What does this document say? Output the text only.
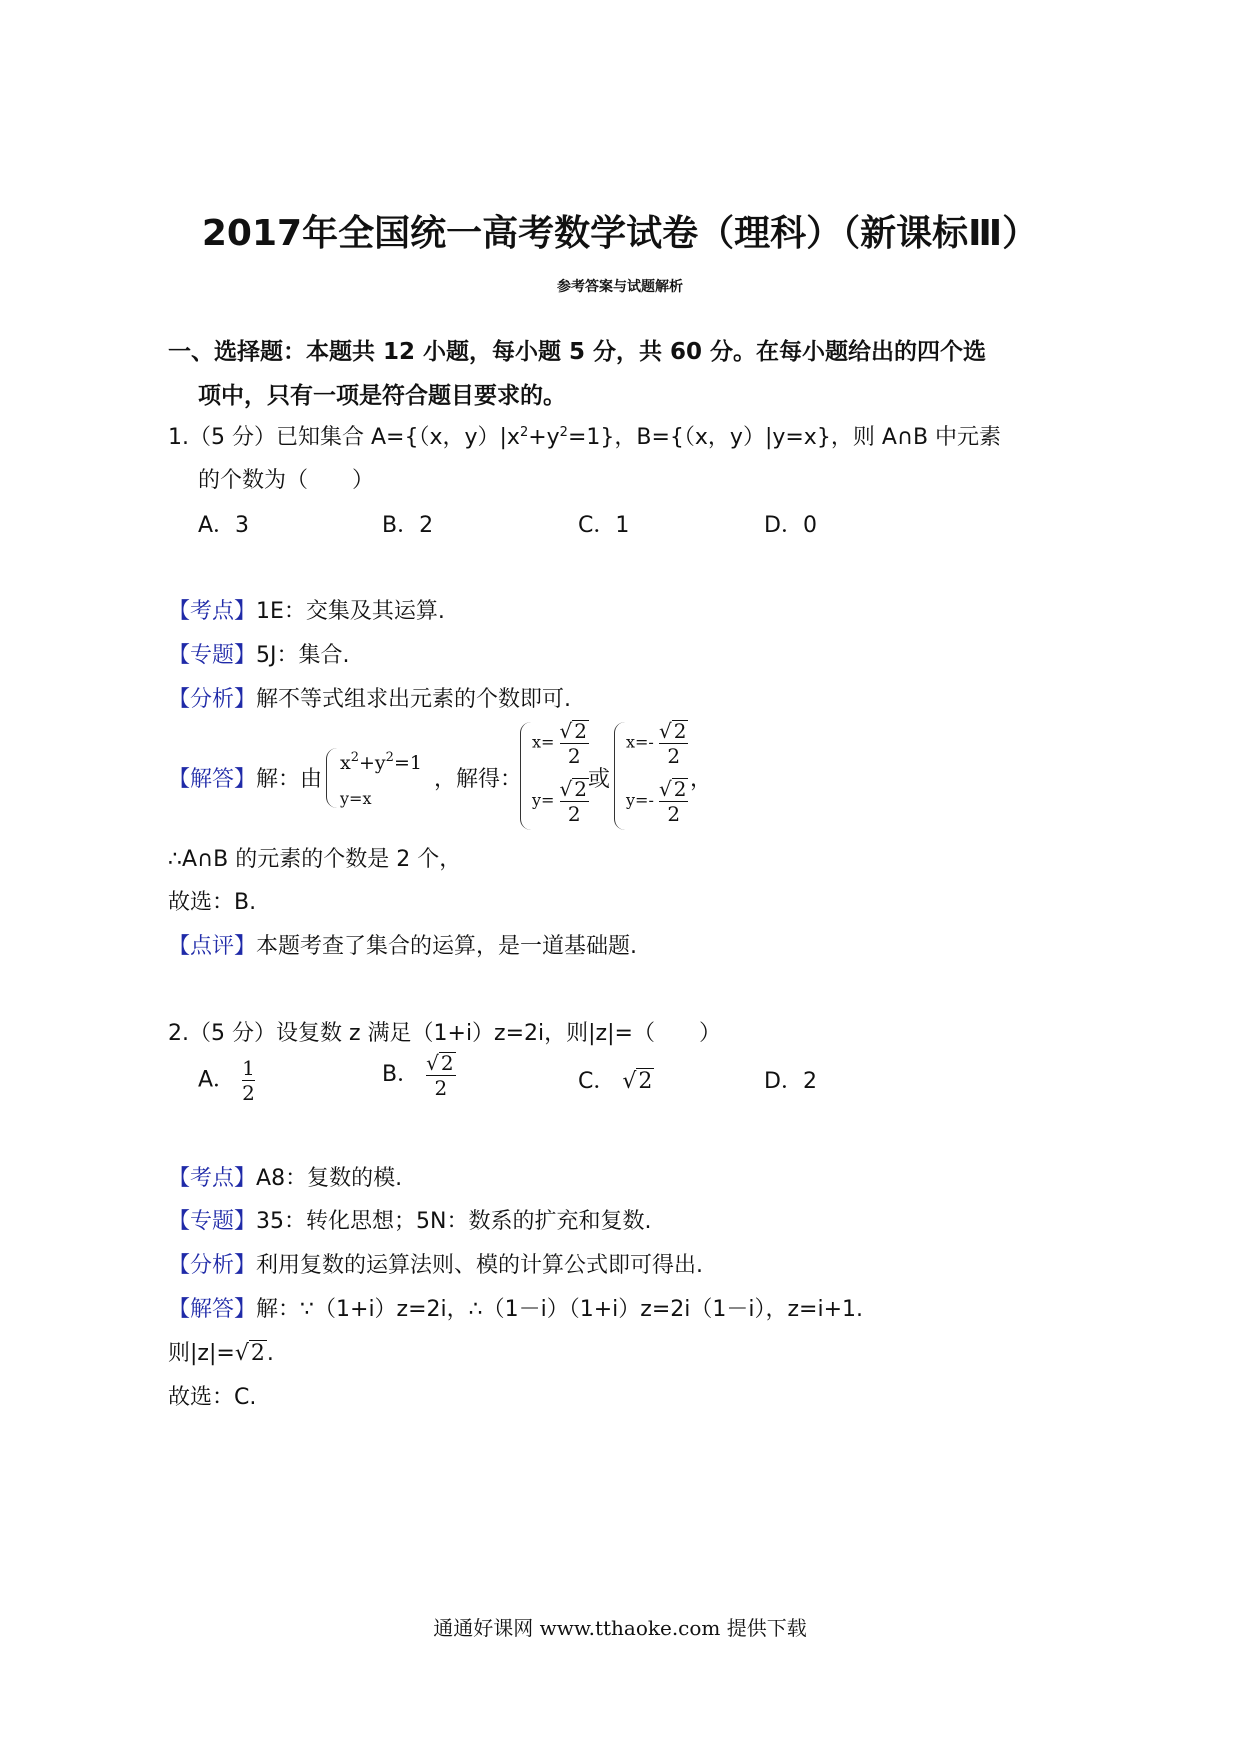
2017年全国统一高考数学试卷（理科）（新课标Ⅲ）
参考答案与试题解析
一、选择题：本题共 12 小题，每小题 5 分，共 60 分。在每小题给出的四个选
项中，只有一项是符合题目要求的。
1.（5 分）已知集合 A={（x，$y)|x^2+y^2=1$}，B={（x，y）|y=x}，则 A∩B 中元素
的个数为（　　）
A．3	B．2	C．1	D．0
【考点】1E：交集及其运算.
【专题】5J：集合.
【分析】解不等式组求出元素的个数即可.
【解答】解：由
$x^2+y^2=1$
y=x
，解得：
$x= \frac{√ 2}{2}$
$y= \frac{√ 2}{2}$
或
$x=- \frac{√ 2}{2}$
$y=- \frac{√ 2}{2}$ ，
∴A∩B 的元素的个数是 2 个，
故选：B.
【点评】本题考查了集合的运算，是一道基础题.
2.（5 分）设复数 z 满足（1+i）z=2i，则|z|=（　　）
A． $\frac{1}{2}$	B． $\frac{√ 2}{2}$	C． √ 2	D．2
【考点】A8：复数的模.
【专题】35：转化思想；5N：数系的扩充和复数.
【分析】利用复数的运算法则、模的计算公式即可得出.
【解答】解：∵（1+i）z=2i，∴（1－i）（1+i）z=2i（1－i），z=i+1.
则|z|=√ 2 .
故选：C.
通通好课网 www.tthaoke.com 提供下载
